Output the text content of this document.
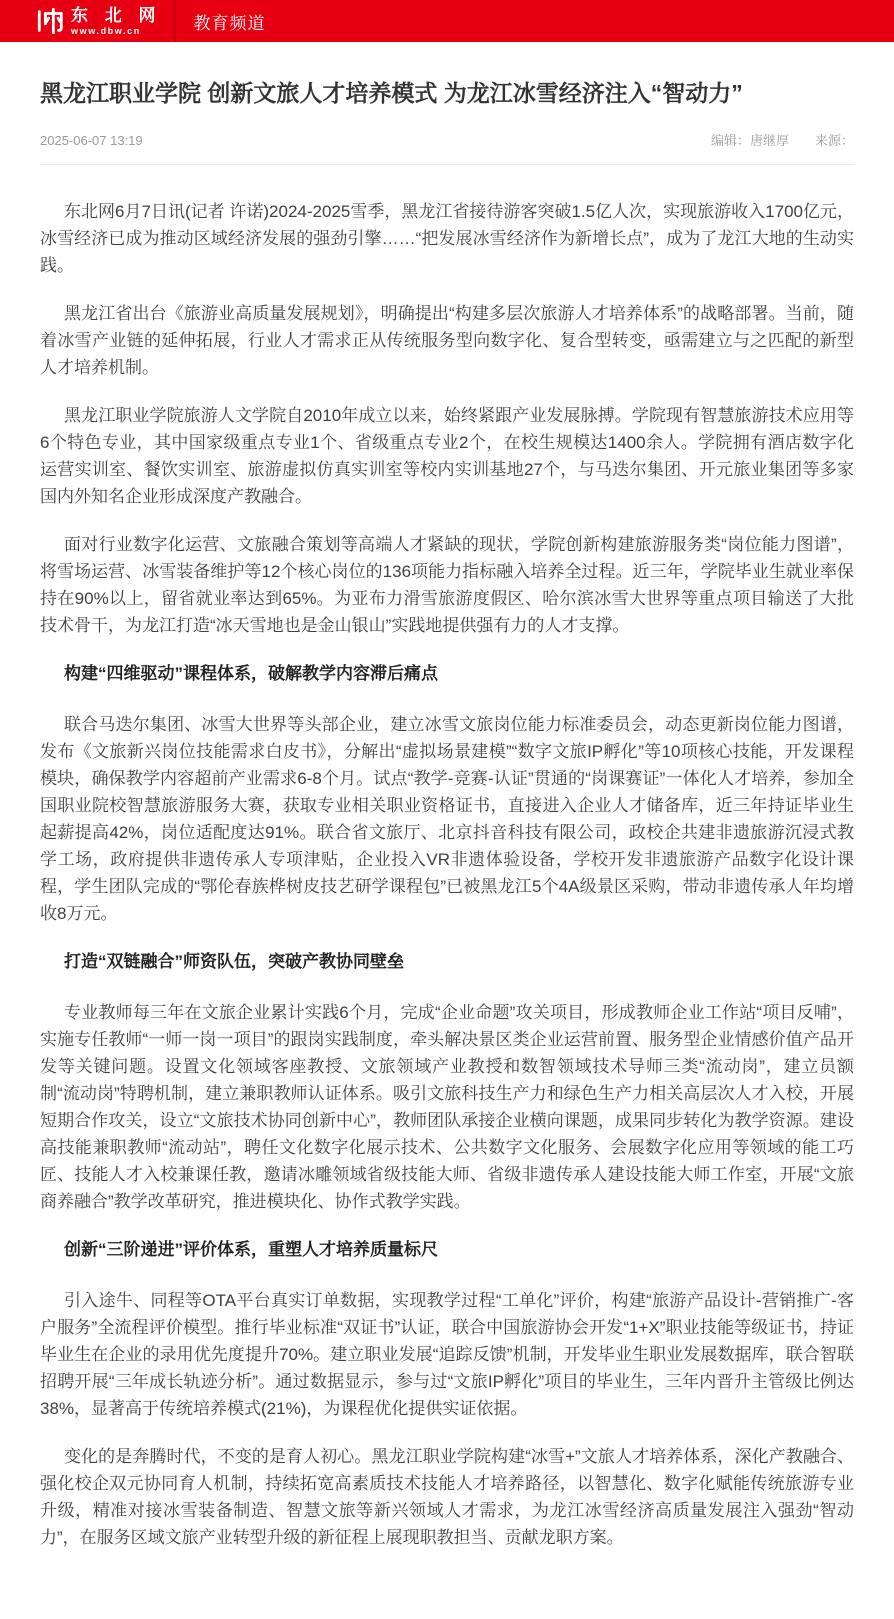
东 北 网
www.dbw.cn	教育频道
黑龙江职业学院 创新文旅人才培养模式 为龙江冰雪经济注入“智动力”
2025-06-07 13:19	编辑：唐继厚 来源：

东北网6月7日讯(记者 许诺)2024-2025雪季，黑龙江省接待游客突破1.5亿人次，实现旅游收入1700亿元，冰雪经济已成为推动区域经济发展的强劲引擎……“把发展冰雪经济作为新增长点”，成为了龙江大地的生动实践。

黑龙江省出台《旅游业高质量发展规划》，明确提出“构建多层次旅游人才培养体系”的战略部署。当前，随着冰雪产业链的延伸拓展，行业人才需求正从传统服务型向数字化、复合型转变，亟需建立与之匹配的新型人才培养机制。

黑龙江职业学院旅游人文学院自2010年成立以来，始终紧跟产业发展脉搏。学院现有智慧旅游技术应用等6个特色专业，其中国家级重点专业1个、省级重点专业2个，在校生规模达1400余人。学院拥有酒店数字化运营实训室、餐饮实训室、旅游虚拟仿真实训室等校内实训基地27个，与马迭尔集团、开元旅业集团等多家国内外知名企业形成深度产教融合。

面对行业数字化运营、文旅融合策划等高端人才紧缺的现状，学院创新构建旅游服务类“岗位能力图谱”，将雪场运营、冰雪装备维护等12个核心岗位的136项能力指标融入培养全过程。近三年，学院毕业生就业率保持在90%以上，留省就业率达到65%。为亚布力滑雪旅游度假区、哈尔滨冰雪大世界等重点项目输送了大批技术骨干，为龙江打造“冰天雪地也是金山银山”实践地提供强有力的人才支撑。

构建“四维驱动”课程体系，破解教学内容滞后痛点

联合马迭尔集团、冰雪大世界等头部企业，建立冰雪文旅岗位能力标准委员会，动态更新岗位能力图谱，发布《文旅新兴岗位技能需求白皮书》，分解出“虚拟场景建模”“数字文旅IP孵化”等10项核心技能，开发课程模块，确保教学内容超前产业需求6-8个月。试点“教学-竞赛-认证”贯通的“岗课赛证”一体化人才培养，参加全国职业院校智慧旅游服务大赛，获取专业相关职业资格证书，直接进入企业人才储备库，近三年持证毕业生起薪提高42%，岗位适配度达91%。联合省文旅厅、北京抖音科技有限公司，政校企共建非遗旅游沉浸式教学工场，政府提供非遗传承人专项津贴，企业投入VR非遗体验设备，学校开发非遗旅游产品数字化设计课程，学生团队完成的“鄂伦春族桦树皮技艺研学课程包”已被黑龙江5个4A级景区采购，带动非遗传承人年均增收8万元。

打造“双链融合”师资队伍，突破产教协同壁垒

专业教师每三年在文旅企业累计实践6个月，完成“企业命题”攻关项目，形成教师企业工作站“项目反哺”，实施专任教师“一师一岗一项目”的跟岗实践制度，牵头解决景区类企业运营前置、服务型企业情感价值产品开发等关键问题。设置文化领域客座教授、文旅领域产业教授和数智领域技术导师三类“流动岗”，建立员额制“流动岗”特聘机制，建立兼职教师认证体系。吸引文旅科技生产力和绿色生产力相关高层次人才入校，开展短期合作攻关，设立“文旅技术协同创新中心”，教师团队承接企业横向课题，成果同步转化为教学资源。建设高技能兼职教师“流动站”，聘任文化数字化展示技术、公共数字文化服务、会展数字化应用等领域的能工巧匠、技能人才入校兼课任教，邀请冰雕领域省级技能大师、省级非遗传承人建设技能大师工作室，开展“文旅商养融合”教学改革研究，推进模块化、协作式教学实践。

创新“三阶递进”评价体系，重塑人才培养质量标尺

引入途牛、同程等OTA平台真实订单数据，实现教学过程“工单化”评价，构建“旅游产品设计-营销推广-客户服务”全流程评价模型。推行毕业标准“双证书”认证，联合中国旅游协会开发“1+X”职业技能等级证书，持证毕业生在企业的录用优先度提升70%。建立职业发展“追踪反馈”机制，开发毕业生职业发展数据库，联合智联招聘开展“三年成长轨迹分析”。通过数据显示，参与过“文旅IP孵化”项目的毕业生，三年内晋升主管级比例达38%，显著高于传统培养模式(21%)，为课程优化提供实证依据。

变化的是奔腾时代，不变的是育人初心。黑龙江职业学院构建“冰雪+”文旅人才培养体系，深化产教融合、强化校企双元协同育人机制，持续拓宽高素质技术技能人才培养路径，以智慧化、数字化赋能传统旅游专业升级，精准对接冰雪装备制造、智慧文旅等新兴领域人才需求，为龙江冰雪经济高质量发展注入强劲“智动力”，在服务区域文旅产业转型升级的新征程上展现职教担当、贡献龙职方案。
